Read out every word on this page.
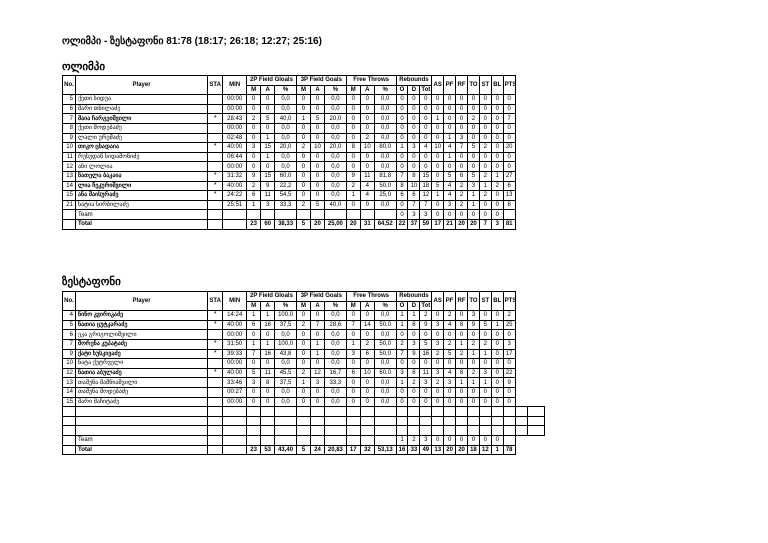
ოლიმპი - ზესტაფონი 81:78 (18:17; 26:18; 12:27; 25:16)
ოლიმპი
No.	Player	STA	MIN	2P Field Gloals			3P Field Goals			Free Throws			Rebounds			AS	PF	RF	TO	ST	BL	PTS
				M	A	%	M	A	%	M	A	%	O	D	Tot							
5	ქეთი სიდუა		00:00	0	0	0,0	0	0	0,0	0	0	0,0	0	0	0	0	0	0	0	0	0	0
6	მარი თხილაძე		00:00	0	0	0,0	0	0	0,0	0	0	0,0	0	0	0	0	0	0	0	0	0	0
7	მაია ჩარგეიშვილი	*	28:43	2	5	40,0	1	5	20,0	0	0	0,0	0	0	0	1	0	0	2	0	0	7
8	ქეთი მოდებაძე		00:00	0	0	0,0	0	0	0,0	0	0	0,0	0	0	0	0	0	0	0	0	0	0
9	ლალი ურუშაძე		02:48	0	1	0,0	0	0	0,0	0	2	0,0	0	0	0	0	1	3	0	0	0	0
10	თიკო ცხადაია	*	40:00	3	15	20,0	2	10	20,0	8	10	80,0	1	3	4	10	4	7	5	2	0	20
11	რუსუდან სიდამონიძე		06:44	0	1	0,0	0	0	0,0	0	0	0,0	0	0	0	0	1	0	0	0	0	0
12	ანი ლოლია		00:00	0	0	0,0	0	0	0,0	0	0	0,0	0	0	0	0	0	0	0	0	0	0
13	ნათელა ბაკაია	*	31:32	9	15	60,0	0	0	0,0	9	11	81,8	7	8	15	0	5	6	5	2	1	27
14	ლია ჩეკურიშვილი	*	40:00	2	9	22,2	0	0	0,0	2	4	50,0	8	10	18	5	4	2	3	1	2	6
15	ანა მაისურაძე	*	24:22	6	11	54,5	0	0	0,0	1	4	25,0	6	6	12	1	4	2	1	2	0	13
21	ხატია სირბილაძე		25:51	1	3	33,3	2	5	40,0	0	0	0,0	0	7	7	0	3	2	1	0	0	8
	Team												0	3	3	0	0	0	0	0	0	
	Total			23	60	38,33	5	20	25,00	20	31	64,52	22	37	59	17	21	20	20	7	3	81
ზესტაფონი
No.	Player	STA	MIN	2P Field Gloals			3P Field Goals			Free Throws			Rebounds			AS	PF	RF	TO	ST	BL	PTS		
				M	A	%	M	A	%	M	A	%	O	D	Tot									
4	ნინო კვირიკაძე	*	14:24	1	1	100,0	0	0	0,0	0	0	0,0	1	1	2	0	2	0	3	0	0	2		
5	ნათია ცუტკარაძე	*	40:00	6	16	37,5	2	7	28,6	7	14	50,0	1	8	9	3	4	8	9	5	1	25		
6	ეკა გრიგოლიშვილი		00:00	0	0	0,0	0	0	0,0	0	0	0,0	0	0	0	0	0	0	0	0	0	0		
7	შორენა კუპატაძე	*	31:50	1	1	100,0	0	1	0,0	1	2	50,0	2	3	5	3	2	1	2	2	0	3		
9	ქატი ხუსკივაძე	*	39:33	7	16	43,8	0	1	0,0	3	6	50,0	7	9	16	2	5	2	1	1	0	17		
10	ნატა ქუტრველი		00:00	0	0	0,0	0	0	0,0	0	0	0,0	0	0	0	0	0	0	0	0	0	0		
12	ნათია აბულაძე	*	40:00	5	11	45,5	2	12	16,7	6	10	60,0	3	8	11	3	4	8	2	3	0	22		
13	თამუნა მამნიაშვილი		33:46	3	8	37,5	1	3	33,3	0	0	0,0	1	2	3	2	3	1	1	1	0	9		
14	თამუნა მოდებაძე		00:27	0	0	0,0	0	0	0,0	0	0	0,0	0	0	0	0	0	0	0	0	0	0		
15	მარი მაჩიტაძე		00:00	0	0	0,0	0	0	0,0	0	0	0,0	0	0	0	0	0	0	0	0	0	0		

	Team												1	2	3	0	0	0	0	0	0			
	Total			23	53	43,40	5	24	20,83	17	32	53,13	16	33	49	13	20	20	18	12	1	78		
